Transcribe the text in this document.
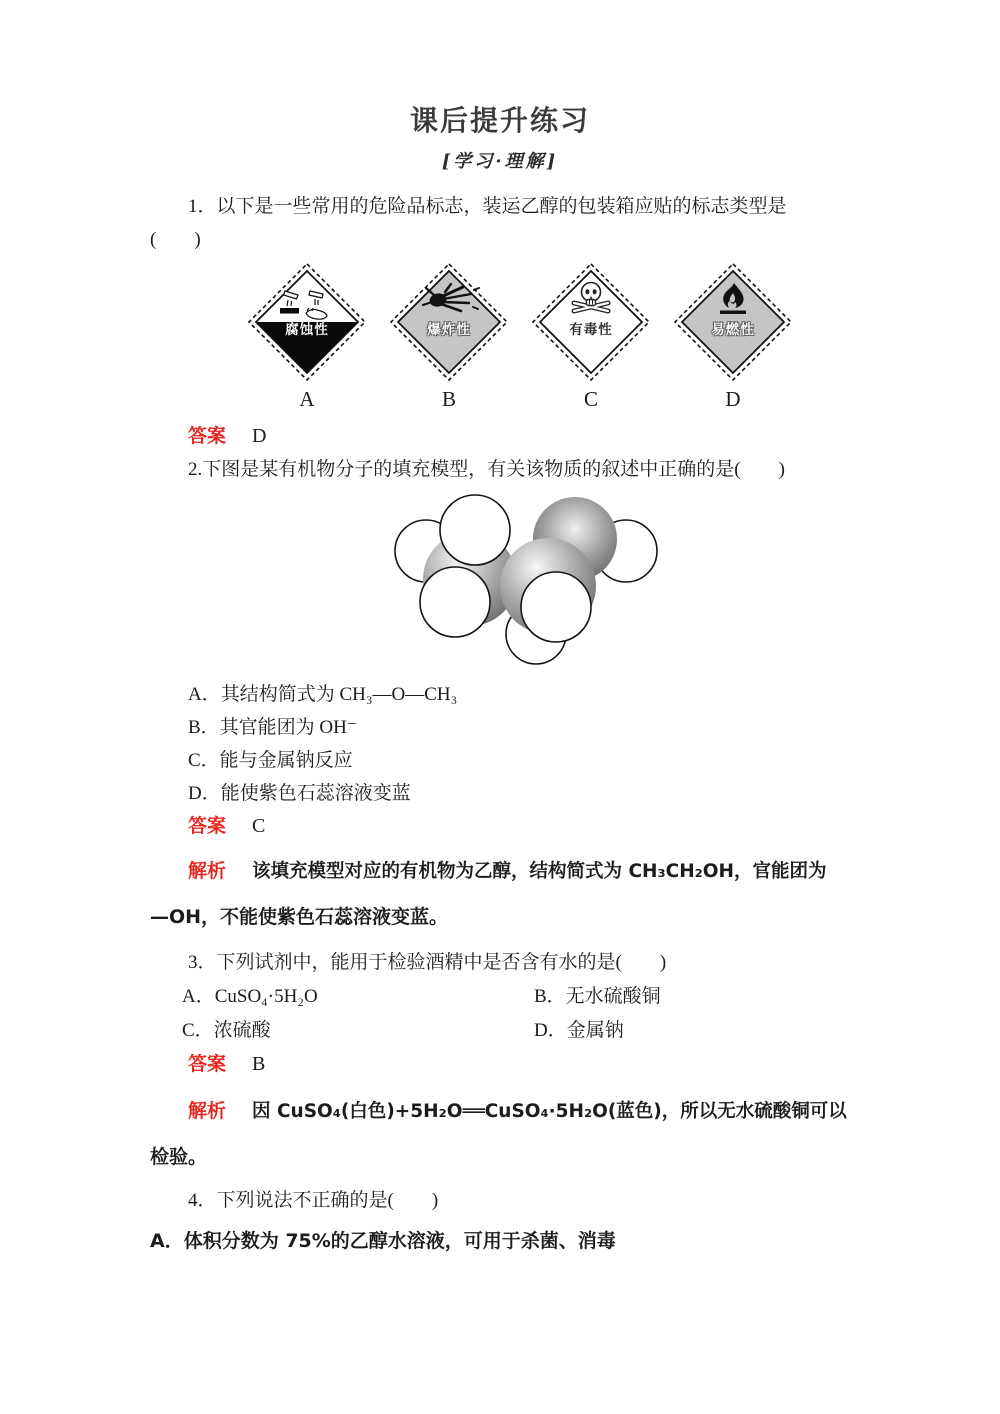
课后提升练习
[学习·理解]

1．以下是一些常用的危险品标志，装运乙醇的包装箱应贴的标志类型是

(　　)

腐蚀性
A
爆炸性
B
有毒性
C
易燃性
D

答案 D

2.下图是某有机物分子的填充模型，有关该物质的叙述中正确的是(　　)

A．其结构简式为 CH₃—O—CH₃

B．其官能团为 OH⁻

C．能与金属钠反应

D．能使紫色石蕊溶液变蓝

答案 C

解析 该填充模型对应的有机物为乙醇，结构简式为 CH₃CH₂OH，官能团为

—OH，不能使紫色石蕊溶液变蓝。

3．下列试剂中，能用于检验酒精中是否含有水的是(　　)

A．CuSO₄·5H₂O	B．无水硫酸铜
C．浓硫酸	D．金属钠

答案 B

解析 因 CuSO₄(白色)+5H₂O══CuSO₄·5H₂O(蓝色)，所以无水硫酸铜可以

检验。

4．下列说法不正确的是(　　)

A．体积分数为 75%的乙醇水溶液，可用于杀菌、消毒
